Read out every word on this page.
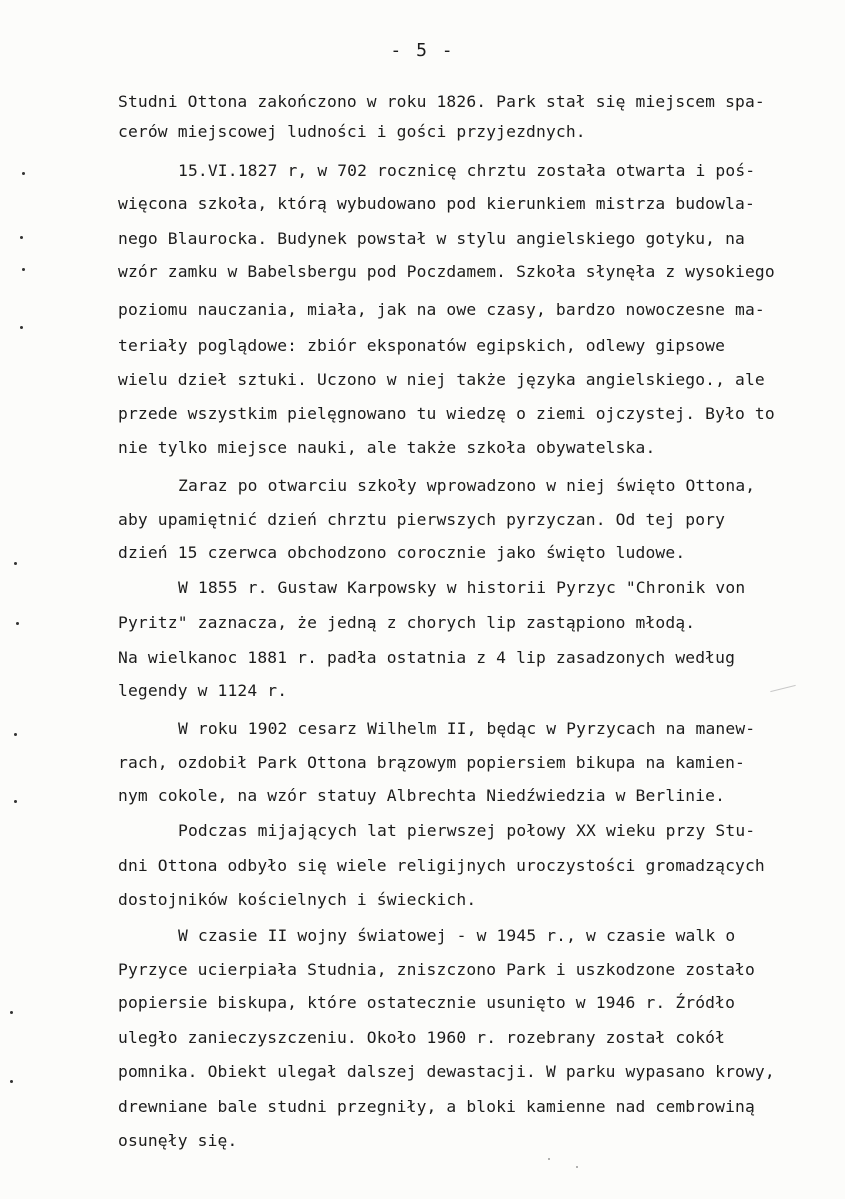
- 5 -
Studni Ottona zakończono w roku 1826. Park stał się miejscem spa-
cerów miejscowej ludności i gości przyjezdnych.
15.VI.1827 r, w 702 rocznicę chrztu została otwarta i poś-
więcona szkoła, którą wybudowano pod kierunkiem mistrza budowla-
nego Blaurocka. Budynek powstał w stylu angielskiego gotyku, na
wzór zamku w Babelsbergu pod Poczdamem. Szkoła słynęła z wysokiego
poziomu nauczania, miała, jak na owe czasy, bardzo nowoczesne ma-
teriały poglądowe: zbiór eksponatów egipskich, odlewy gipsowe
wielu dzieł sztuki. Uczono w niej także języka angielskiego., ale
przede wszystkim pielęgnowano tu wiedzę o ziemi ojczystej. Było to
nie tylko miejsce nauki, ale także szkoła obywatelska.
Zaraz po otwarciu szkoły wprowadzono w niej święto Ottona,
aby upamiętnić dzień chrztu pierwszych pyrzyczan. Od tej pory
dzień 15 czerwca obchodzono corocznie jako święto ludowe.
W 1855 r. Gustaw Karpowsky w historii Pyrzyc "Chronik von
Pyritz" zaznacza, że jedną z chorych lip zastąpiono młodą.
Na wielkanoc 1881 r. padła ostatnia z 4 lip zasadzonych według
legendy w 1124 r.
W roku 1902 cesarz Wilhelm II, będąc w Pyrzycach na manew-
rach, ozdobił Park Ottona brązowym popiersiem bikupa na kamien-
nym cokole, na wzór statuy Albrechta Niedźwiedzia w Berlinie.
Podczas mijających lat pierwszej połowy XX wieku przy Stu-
dni Ottona odbyło się wiele religijnych uroczystości gromadzących
dostojników kościelnych i świeckich.
W czasie II wojny światowej - w 1945 r., w czasie walk o
Pyrzyce ucierpiała Studnia, zniszczono Park i uszkodzone zostało
popiersie biskupa, które ostatecznie usunięto w 1946 r. Źródło
uległo zanieczyszczeniu. Około 1960 r. rozebrany został cokół
pomnika. Obiekt ulegał dalszej dewastacji. W parku wypasano krowy,
drewniane bale studni przegniły, a bloki kamienne nad cembrowiną
osunęły się.
